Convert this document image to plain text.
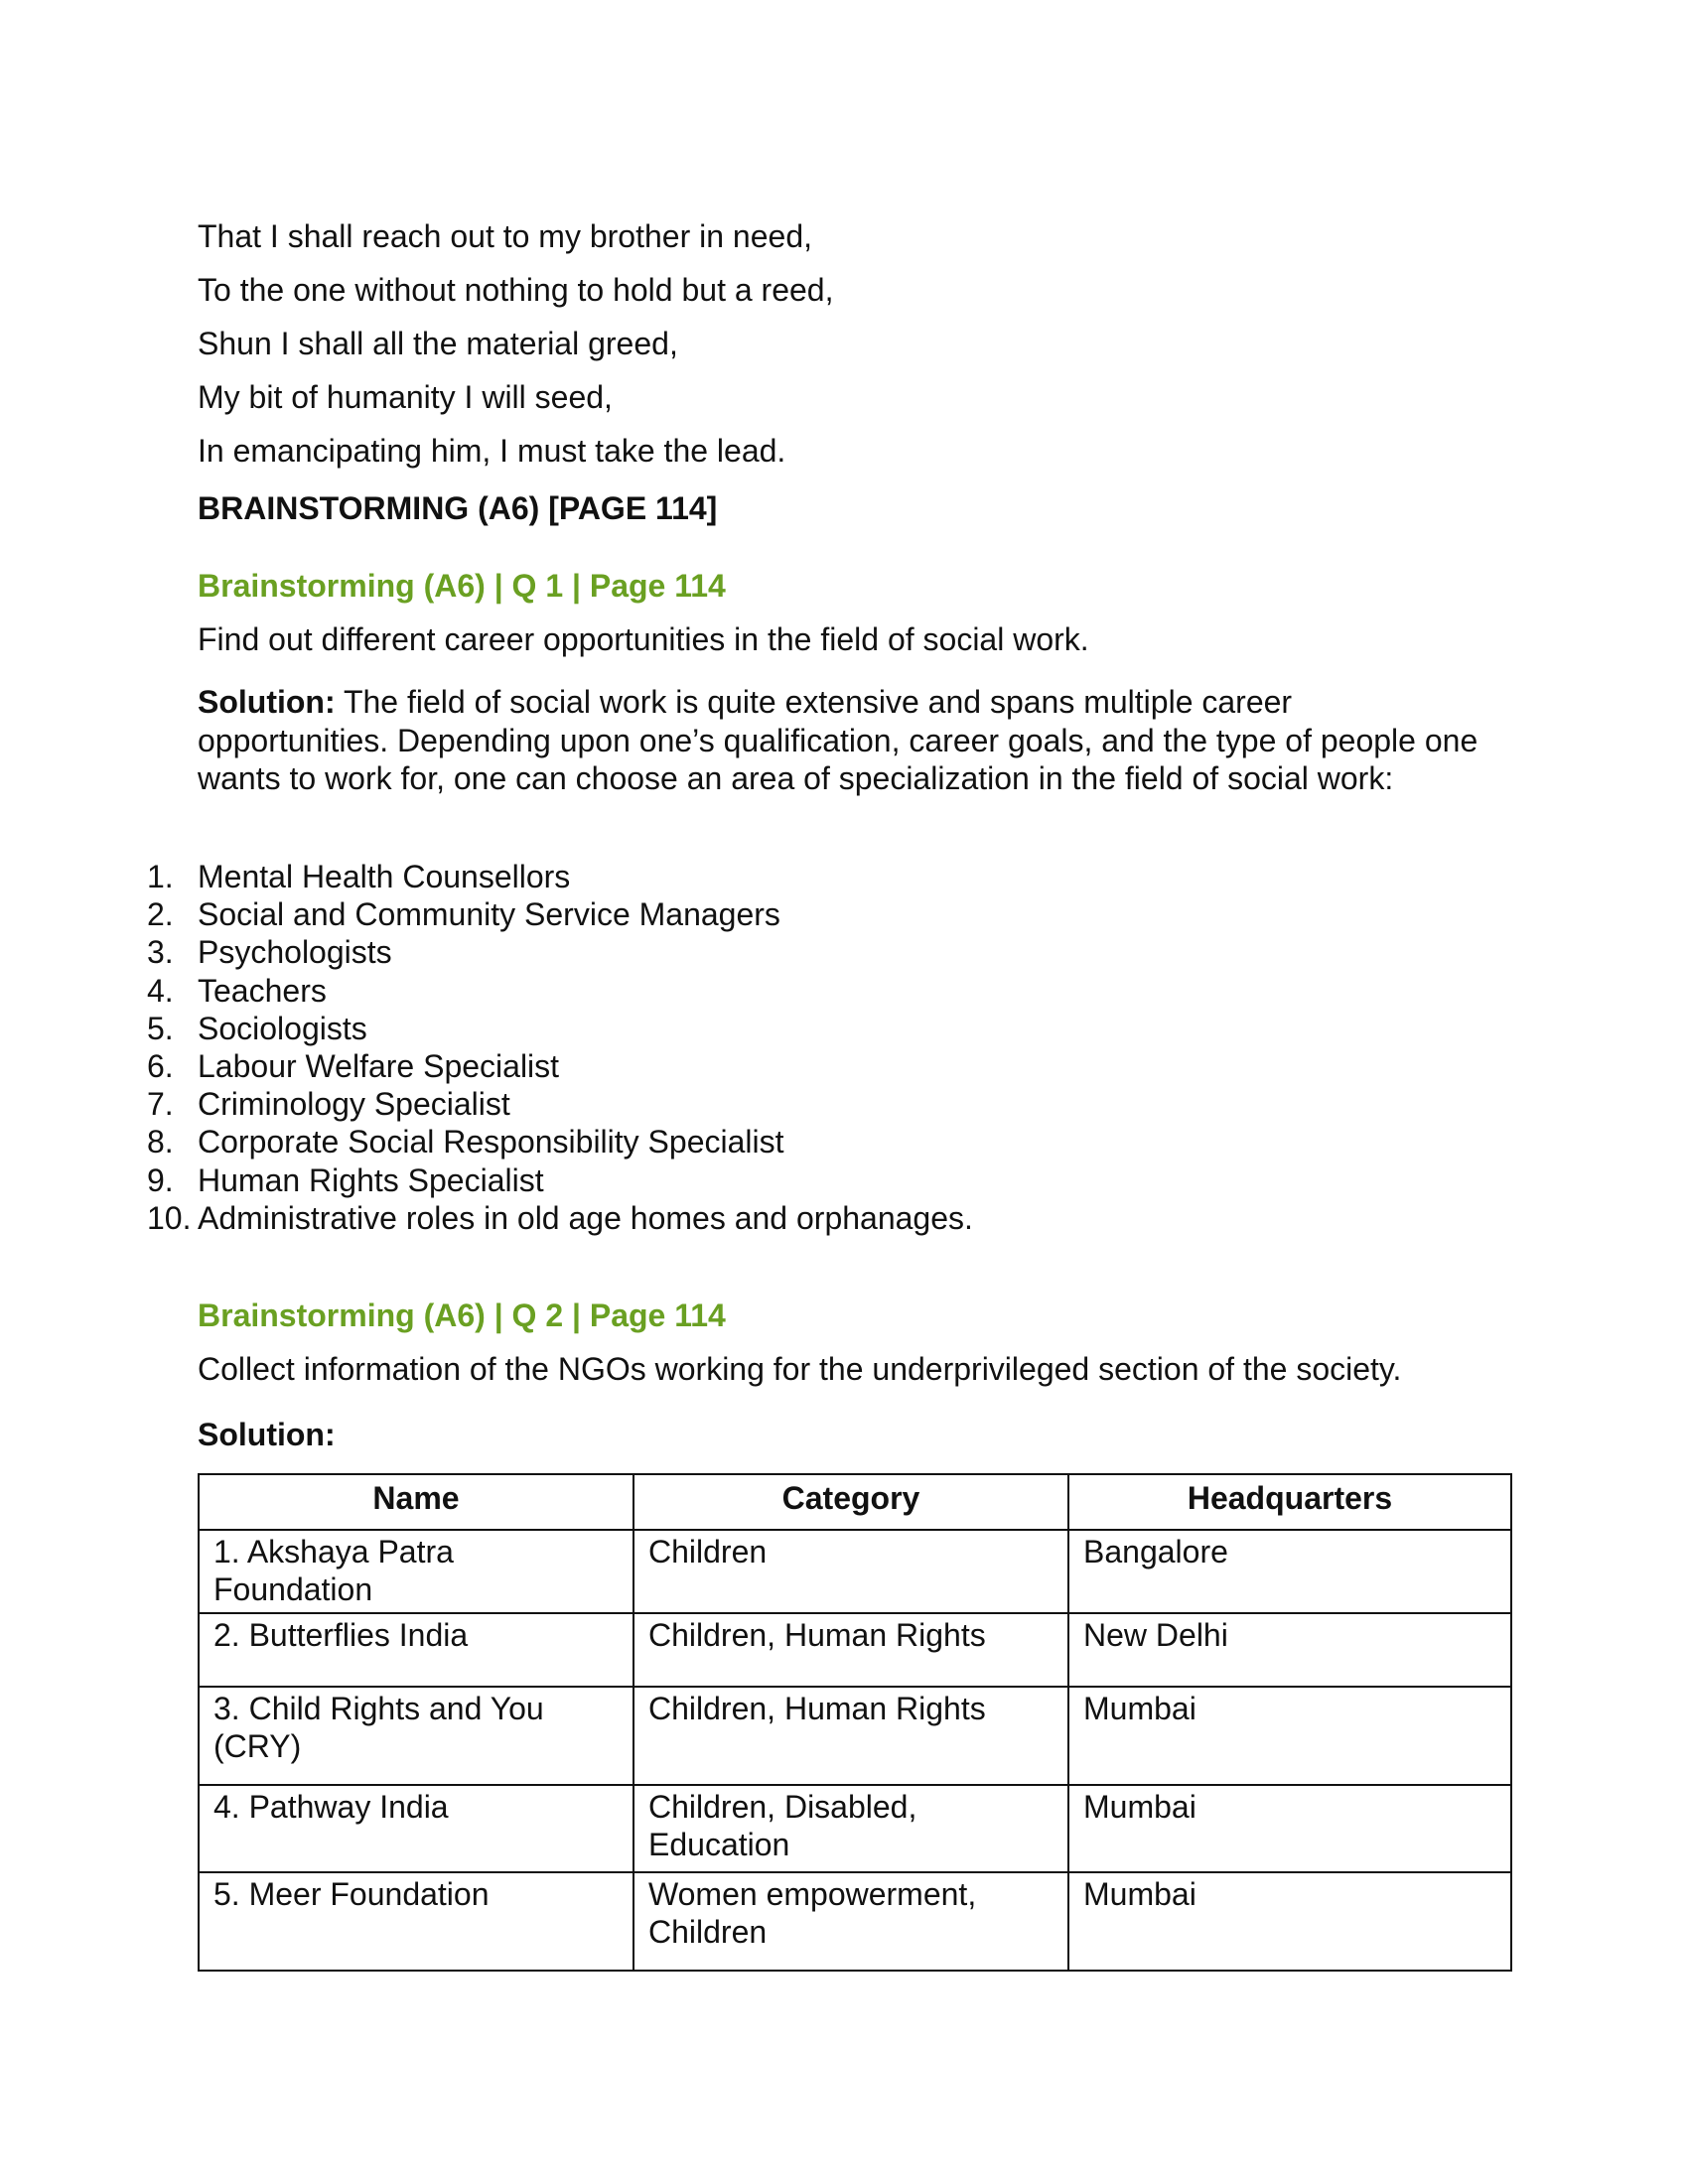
That I shall reach out to my brother in need,
To the one without nothing to hold but a reed,
Shun I shall all the material greed,
My bit of humanity I will seed,
In emancipating him, I must take the lead.
BRAINSTORMING (A6) [PAGE 114]
Brainstorming (A6) | Q 1 | Page 114
Find out different career opportunities in the field of social work.
Solution: The field of social work is quite extensive and spans multiple career opportunities. Depending upon one’s qualification, career goals, and the type of people one wants to work for, one can choose an area of specialization in the field of social work:
1. Mental Health Counsellors
2. Social and Community Service Managers
3. Psychologists
4. Teachers
5. Sociologists
6. Labour Welfare Specialist
7. Criminology Specialist
8. Corporate Social Responsibility Specialist
9. Human Rights Specialist
10. Administrative roles in old age homes and orphanages.
Brainstorming (A6) | Q 2 | Page 114
Collect information of the NGOs working for the underprivileged section of the society.
Solution:
Name	Category	Headquarters
1. Akshaya Patra Foundation	Children	Bangalore
2. Butterflies India	Children, Human Rights	New Delhi
3. Child Rights and You (CRY)	Children, Human Rights	Mumbai
4. Pathway India	Children, Disabled, Education	Mumbai
5. Meer Foundation	Women empowerment, Children	Mumbai
